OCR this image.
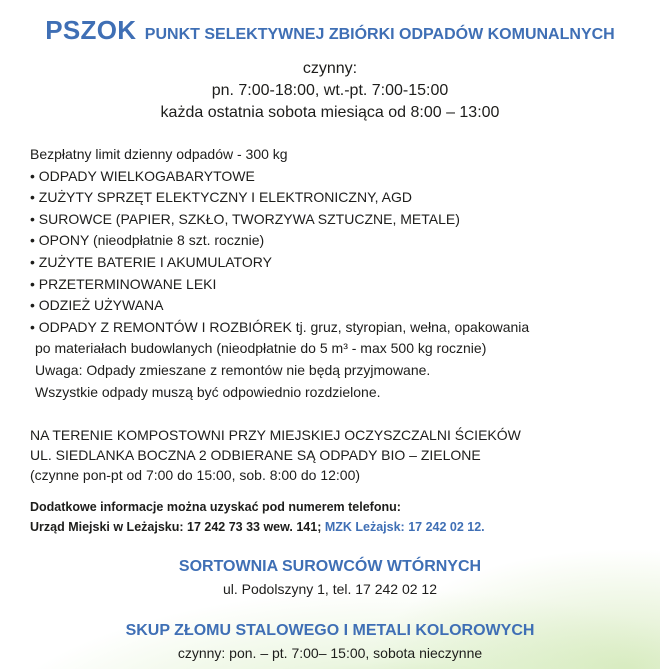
PSZOK PUNKT SELEKTYWNEJ ZBIÓRKI ODPADÓW KOMUNALNYCH
czynny:
pn. 7:00-18:00, wt.-pt. 7:00-15:00
każda ostatnia sobota miesiąca od 8:00 – 13:00
Bezpłatny limit dzienny odpadów - 300 kg
• ODPADY WIELKOGABARYTOWE
• ZUŻYTY SPRZĘT ELEKTYCZNY I ELEKTRONICZNY, AGD
• SUROWCE (PAPIER, SZKŁO, TWORZYWA SZTUCZNE, METALE)
• OPONY (nieodpłatnie 8 szt. rocznie)
• ZUŻYTE BATERIE I AKUMULATORY
• PRZETERMINOWANE LEKI
• ODZIEŻ UŻYWANA
• ODPADY Z REMONTÓW I ROZBIÓREK tj. gruz, styropian, wełna, opakowania
po materiałach budowlanych (nieodpłatnie do 5 m³ - max 500 kg rocznie)
Uwaga: Odpady zmieszane z remontów nie będą przyjmowane.
Wszystkie odpady muszą być odpowiednio rozdzielone.
NA TERENIE KOMPOSTOWNI PRZY MIEJSKIEJ OCZYSZCZALNI ŚCIEKÓW
UL. SIEDLANKA BOCZNA 2 ODBIERANE SĄ ODPADY BIO – ZIELONE
(czynne pon-pt od 7:00 do 15:00, sob. 8:00 do 12:00)
Dodatkowe informacje można uzyskać pod numerem telefonu:
Urząd Miejski w Leżajsku: 17 242 73 33 wew. 141; MZK Leżajsk: 17 242 02 12.
SORTOWNIA SUROWCÓW WTÓRNYCH
ul. Podolszyny 1, tel. 17 242 02 12
SKUP ZŁOMU STALOWEGO I METALI KOLOROWYCH
czynny: pon. – pt. 7:00– 15:00, sobota nieczynne
